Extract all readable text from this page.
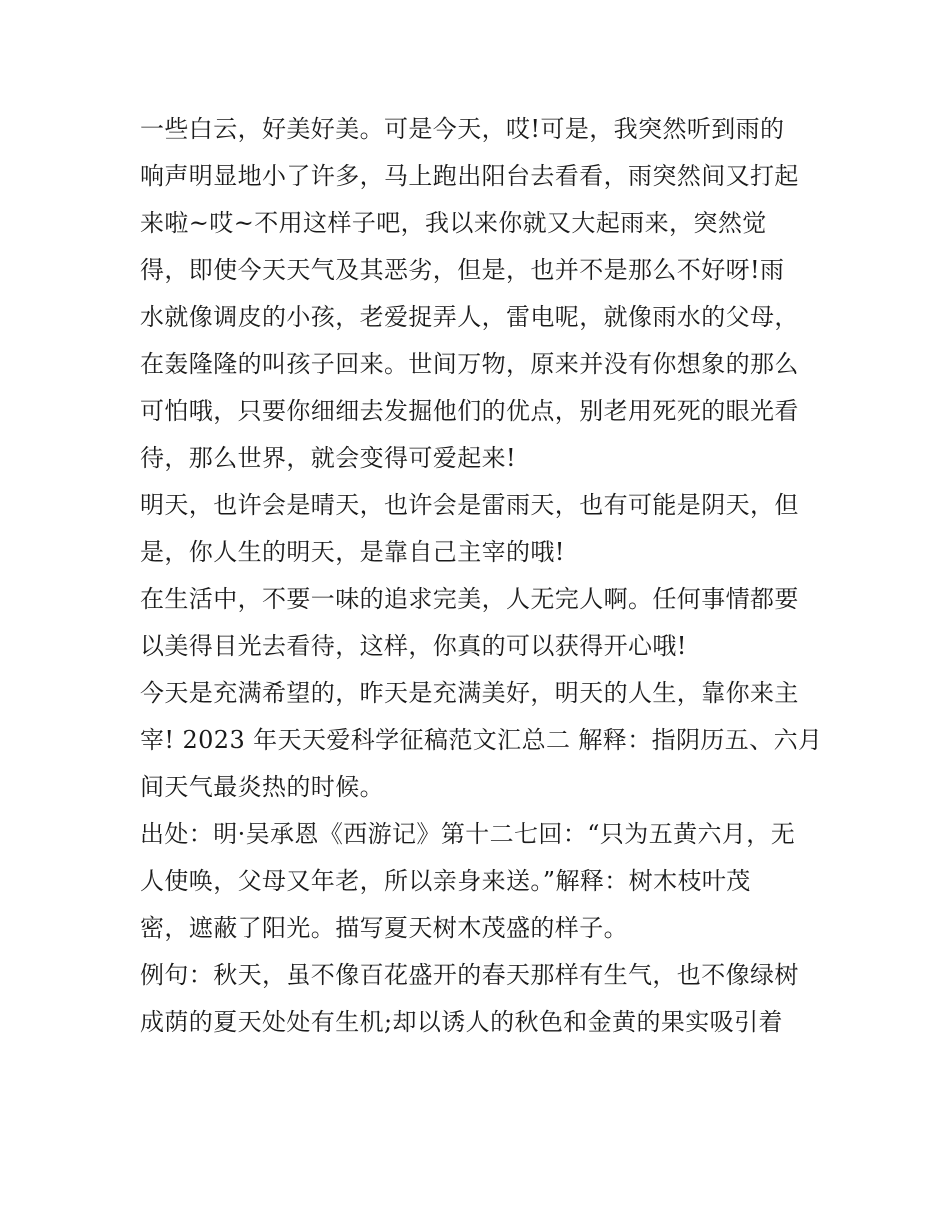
一些白云，好美好美。可是今天，哎!可是，我突然听到雨的
响声明显地小了许多，马上跑出阳台去看看，雨突然间又打起
来啦~哎~不用这样子吧，我以来你就又大起雨来，突然觉
得，即使今天天气及其恶劣，但是，也并不是那么不好呀!雨
水就像调皮的小孩，老爱捉弄人，雷电呢，就像雨水的父母，
在轰隆隆的叫孩子回来。世间万物，原来并没有你想象的那么
可怕哦，只要你细细去发掘他们的优点，别老用死死的眼光看
待，那么世界，就会变得可爱起来!
明天，也许会是晴天，也许会是雷雨天，也有可能是阴天，但
是，你人生的明天，是靠自己主宰的哦!
在生活中，不要一味的追求完美，人无完人啊。任何事情都要
以美得目光去看待，这样，你真的可以获得开心哦!
今天是充满希望的，昨天是充满美好，明天的人生，靠你来主
宰! 2023 年天天爱科学征稿范文汇总二 解释：指阴历五、六月
间天气最炎热的时候。
出处：明·吴承恩《西游记》第十二七回：“只为五黄六月，无
人使唤，父母又年老，所以亲身来送。”解释：树木枝叶茂
密，遮蔽了阳光。描写夏天树木茂盛的样子。
例句：秋天，虽不像百花盛开的春天那样有生气，也不像绿树
成荫的夏天处处有生机;却以诱人的秋色和金黄的果实吸引着
